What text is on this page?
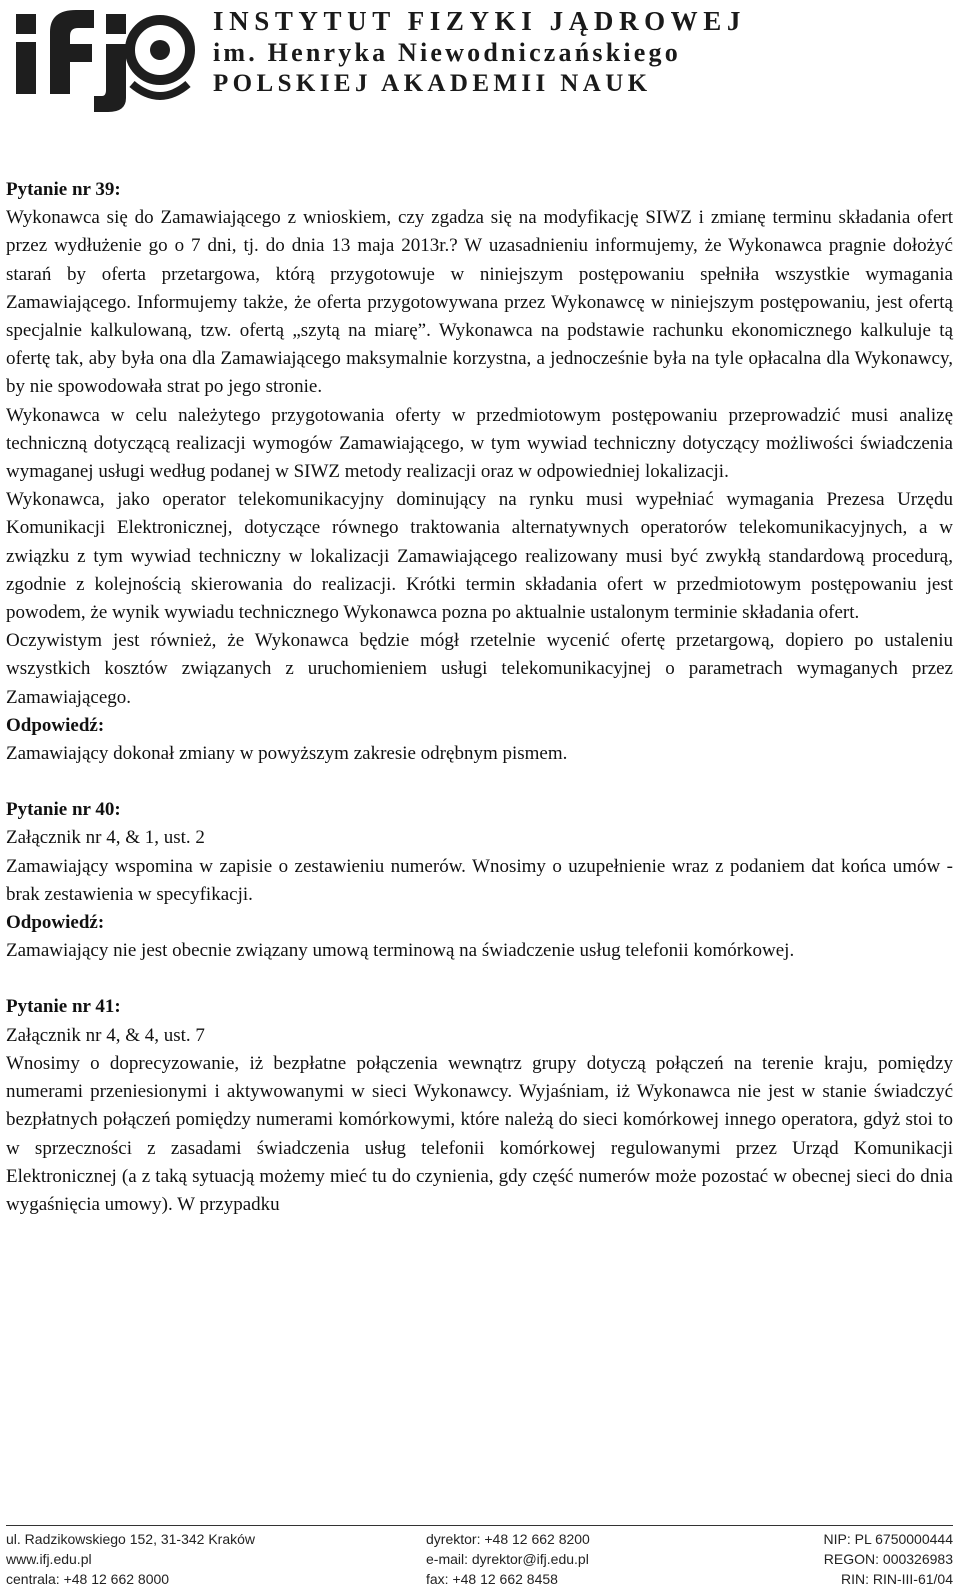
INSTYTUT FIZYKI JĄDROWEJ
im. Henryka Niewodniczańskiego
POLSKIEJ AKADEMII NAUK

Pytanie nr 39:

Wykonawca się do Zamawiającego z wnioskiem, czy zgadza się na modyfikację SIWZ i zmianę terminu składania ofert przez wydłużenie go o 7 dni, tj. do dnia 13 maja 2013r.? W uzasadnieniu informujemy, że Wykonawca pragnie dołożyć starań by oferta przetargowa, którą przygotowuje w niniejszym postępowaniu spełniła wszystkie wymagania Zamawiającego. Informujemy także, że oferta przygotowywana przez Wykonawcę w niniejszym postępowaniu, jest ofertą specjalnie kalkulowaną, tzw. ofertą „szytą na miarę”. Wykonawca na podstawie rachunku ekonomicznego kalkuluje tą ofertę tak, aby była ona dla Zamawiającego maksymalnie korzystna, a jednocześnie była na tyle opłacalna dla Wykonawcy, by nie spowodowała strat po jego stronie.

Wykonawca w celu należytego przygotowania oferty w przedmiotowym postępowaniu przeprowadzić musi analizę techniczną dotyczącą realizacji wymogów Zamawiającego, w tym wywiad techniczny dotyczący możliwości świadczenia wymaganej usługi według podanej w SIWZ metody realizacji oraz w odpowiedniej lokalizacji.

Wykonawca, jako operator telekomunikacyjny dominujący na rynku musi wypełniać wymagania Prezesa Urzędu Komunikacji Elektronicznej, dotyczące równego traktowania alternatywnych operatorów telekomunikacyjnych, a w związku z tym wywiad techniczny w lokalizacji Zamawiającego realizowany musi być zwykłą standardową procedurą, zgodnie z kolejnością skierowania do realizacji. Krótki termin składania ofert w przedmiotowym postępowaniu jest powodem, że wynik wywiadu technicznego Wykonawca pozna po aktualnie ustalonym terminie składania ofert.

Oczywistym jest również, że Wykonawca będzie mógł rzetelnie wycenić ofertę przetargową, dopiero po ustaleniu wszystkich kosztów związanych z uruchomieniem usługi telekomunikacyjnej o parametrach wymaganych przez Zamawiającego.

Odpowiedź:

Zamawiający dokonał zmiany w powyższym zakresie odrębnym pismem.

Pytanie nr 40:

Załącznik nr 4, & 1, ust. 2

Zamawiający wspomina w zapisie o zestawieniu numerów. Wnosimy o uzupełnienie wraz z podaniem dat końca umów - brak zestawienia w specyfikacji.

Odpowiedź:

Zamawiający nie jest obecnie związany umową terminową na świadczenie usług telefonii komórkowej.

Pytanie nr 41:

Załącznik nr 4, & 4, ust. 7

Wnosimy o doprecyzowanie, iż bezpłatne połączenia wewnątrz grupy dotyczą połączeń na terenie kraju, pomiędzy numerami przeniesionymi i aktywowanymi w sieci Wykonawcy. Wyjaśniam, iż Wykonawca nie jest w stanie świadczyć bezpłatnych połączeń pomiędzy numerami komórkowymi, które należą do sieci komórkowej innego operatora, gdyż stoi to w sprzeczności z zasadami świadczenia usług telefonii komórkowej regulowanymi przez Urząd Komunikacji Elektronicznej (a z taką sytuacją możemy mieć tu do czynienia, gdy część numerów może pozostać w obecnej sieci do dnia wygaśnięcia umowy). W przypadku

ul. Radzikowskiego 152, 31-342 Kraków
www.ifj.edu.pl
centrala: +48 12 662 8000
dyrektor: +48 12 662 8200
e-mail: dyrektor@ifj.edu.pl
fax: +48 12 662 8458
NIP: PL 6750000444
REGON: 000326983
RIN: RIN-III-61/04
